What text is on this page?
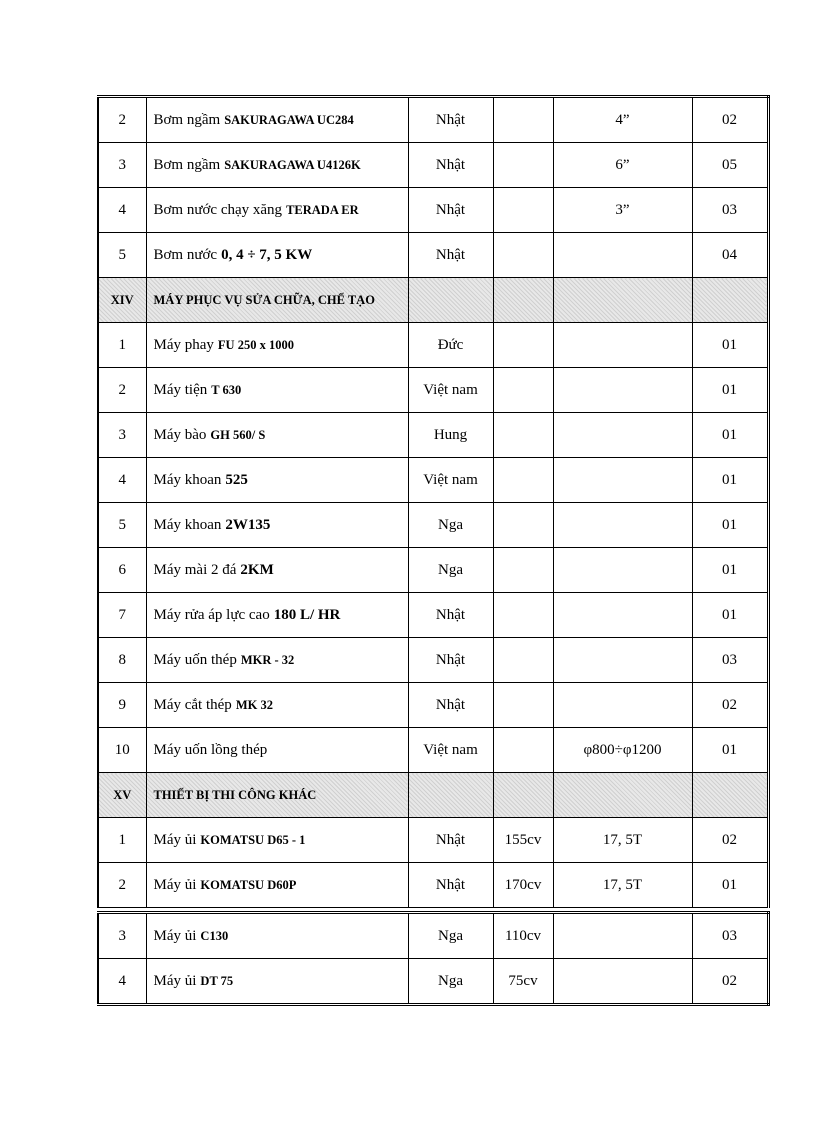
2	Bơm ngầm SAKURAGAWA UC284	Nhật		4”	02
3	Bơm ngầm SAKURAGAWA U4126K	Nhật		6”	05
4	Bơm nước chạy xăng TERADA ER	Nhật		3”	03
5	Bơm nước 0, 4 ÷ 7, 5 KW	Nhật			04
XIV	MÁY PHỤC VỤ SỬA CHỮA, CHẾ TẠO				
1	Máy phay FU 250 x 1000	Đức			01
2	Máy tiện T 630	Việt nam			01
3	Máy bào GH 560/ S	Hung			01
4	Máy khoan 525	Việt nam			01
5	Máy khoan 2W135	Nga			01
6	Máy mài 2 đá 2KM	Nga			01
7	Máy rửa áp lực cao 180 L/ HR	Nhật			01
8	Máy uốn thép MKR - 32	Nhật			03
9	Máy cắt thép MK 32	Nhật			02
10	Máy uốn lồng thép	Việt nam		φ800÷φ1200	01
XV	THIẾT BỊ THI CÔNG KHÁC				
1	Máy ủi KOMATSU D65 - 1	Nhật	155cv	17, 5T	02
2	Máy ủi KOMATSU D60P	Nhật	170cv	17, 5T	01
3	Máy ủi C130	Nga	110cv		03
4	Máy ủi DT 75	Nga	75cv		02
